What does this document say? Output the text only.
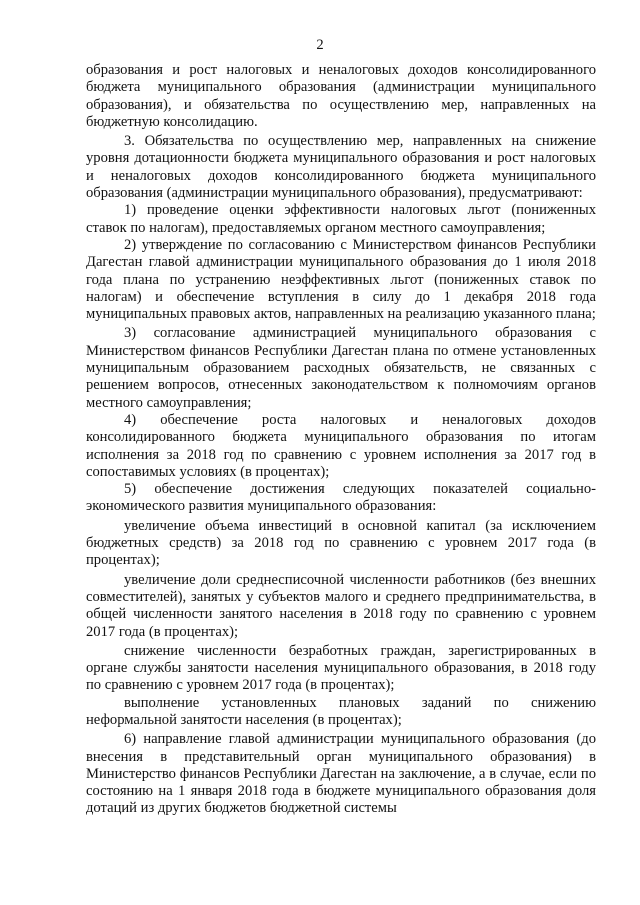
2

образования и рост налоговых и неналоговых доходов консолидированного бюджета муниципального образования (администрации муниципального образования), и обязательства по осуществлению мер, направленных на бюджетную консолидацию.

3. Обязательства по осуществлению мер, направленных на снижение уровня дотационности бюджета муниципального образования и рост налоговых и неналоговых доходов консолидированного бюджета муниципального образования (администрации муниципального образования), предусматривают:

1) проведение оценки эффективности налоговых льгот (пониженных ставок по налогам), предоставляемых органом местного самоуправления;

2) утверждение по согласованию с Министерством финансов Республики Дагестан главой администрации муниципального образования до 1 июля 2018 года плана по устранению неэффективных льгот (пониженных ставок по налогам) и обеспечение вступления в силу до 1 декабря 2018 года муниципальных правовых актов, направленных на реализацию указанного плана;

3) согласование администрацией муниципального образования с Министерством финансов Республики Дагестан плана по отмене установленных муниципальным образованием расходных обязательств, не связанных с решением вопросов, отнесенных законодательством к полномочиям органов местного самоуправления;

4) обеспечение роста налоговых и неналоговых доходов консолидированного бюджета муниципального образования по итогам исполнения за 2018 год по сравнению с уровнем исполнения за 2017 год в сопоставимых условиях (в процентах);

5) обеспечение достижения следующих показателей социально-экономического развития муниципального образования:

увеличение объема инвестиций в основной капитал (за исключением бюджетных средств) за 2018 год по сравнению с уровнем 2017 года (в процентах);

увеличение доли среднесписочной численности работников (без внешних совместителей), занятых у субъектов малого и среднего предпринимательства, в общей численности занятого населения в 2018 году по сравнению с уровнем 2017 года (в процентах);

снижение численности безработных граждан, зарегистрированных в органе службы занятости населения муниципального образования, в 2018 году по сравнению с уровнем 2017 года (в процентах);

выполнение установленных плановых заданий по снижению неформальной занятости населения (в процентах);

6) направление главой администрации муниципального образования (до внесения в представительный орган муниципального образования) в Министерство финансов Республики Дагестан на заключение, а в случае, если по состоянию на 1 января 2018 года в бюджете муниципального образования доля дотаций из других бюджетов бюджетной системы
